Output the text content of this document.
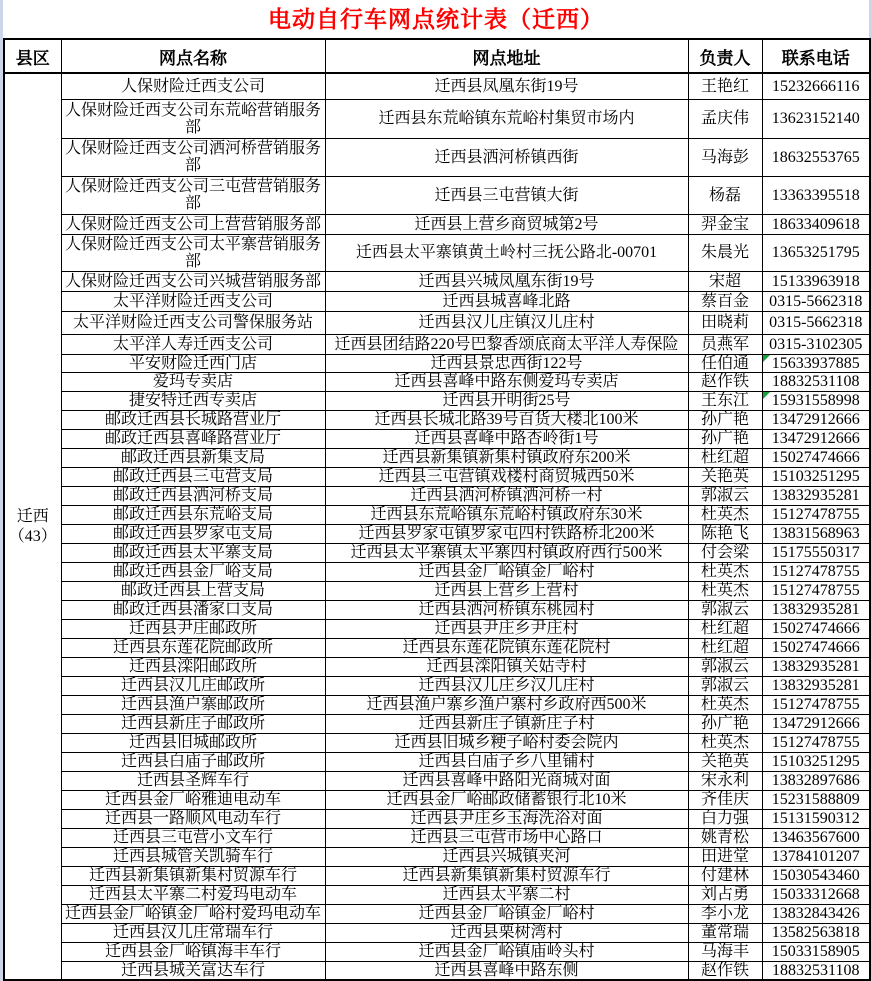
电动自行车网点统计表（迁西）
县区	网点名称	网点地址	负责人	联系电话

迁西
（43）	人保财险迁西支公司	迁西县凤凰东街19号	王艳红	15232666116
	人保财险迁西支公司东荒峪营销服务部	迁西县东荒峪镇东荒峪村集贸市场内	孟庆伟	13623152140
	人保财险迁西支公司洒河桥营销服务部	迁西县洒河桥镇西街	马海彭	18632553765
	人保财险迁西支公司三屯营营销服务部	迁西县三屯营镇大街	杨磊	13363395518
	人保财险迁西支公司上营营销服务部	迁西县上营乡商贸城第2号	羿金宝	18633409618
	人保财险迁西支公司太平寨营销服务部	迁西县太平寨镇黄土岭村三抚公路北-00701	朱晨光	13653251795
	人保财险迁西支公司兴城营销服务部	迁西县兴城凤凰东街19号	宋超	15133963918
	太平洋财险迁西支公司	迁西县城喜峰北路	蔡百金	0315-5662318
	太平洋财险迁西支公司警保服务站	迁西县汉儿庄镇汉儿庄村	田晓莉	0315-5662318
	太平洋人寿迁西支公司	迁西县团结路220号巴黎香颂底商太平洋人寿保险	员燕军	0315-3102305
	平安财险迁西门店	迁西县景忠西街122号	任伯通	15633937885
	爱玛专卖店	迁西县喜峰中路东侧爱玛专卖店	赵作铁	18832531108
	捷安特迁西专卖店	迁西县开明街25号	王东江	15931558998
	邮政迁西县长城路营业厅	迁西县长城北路39号百货大楼北100米	孙广艳	13472912666
	邮政迁西县喜峰路营业厅	迁西县喜峰中路杏岭街1号	孙广艳	13472912666
	邮政迁西县新集支局	迁西县新集镇新集村镇政府东200米	杜红超	15027474666
	邮政迁西县三屯营支局	迁西县三屯营镇戏楼村商贸城西50米	关艳英	15103251295
	邮政迁西县洒河桥支局	迁西县洒河桥镇洒河桥一村	郭淑云	13832935281
	邮政迁西县东荒峪支局	迁西县东荒峪镇东荒峪村镇政府东30米	杜英杰	15127478755
	邮政迁西县罗家屯支局	迁西县罗家屯镇罗家屯四村铁路桥北200米	陈艳飞	13831568963
	邮政迁西县太平寨支局	迁西县太平寨镇太平寨四村镇政府西行500米	付会梁	15175550317
	邮政迁西县金厂峪支局	迁西县金厂峪镇金厂峪村	杜英杰	15127478755
	邮政迁西县上营支局	迁西县上营乡上营村	杜英杰	15127478755
	邮政迁西县潘家口支局	迁西县洒河桥镇东桃园村	郭淑云	13832935281
	迁西县尹庄邮政所	迁西县尹庄乡尹庄村	杜红超	15027474666
	迁西县东莲花院邮政所	迁西县东莲花院镇东莲花院村	杜红超	15027474666
	迁西县滦阳邮政所	迁西县滦阳镇关姑寺村	郭淑云	13832935281
	迁西县汉儿庄邮政所	迁西县汉儿庄乡汉儿庄村	郭淑云	13832935281
	迁西县渔户寨邮政所	迁西县渔户寨乡渔户寨村乡政府西500米	杜英杰	15127478755
	迁西县新庄子邮政所	迁西县新庄子镇新庄子村	孙广艳	13472912666
	迁西县旧城邮政所	迁西县旧城乡粳子峪村委会院内	杜英杰	15127478755
	迁西县白庙子邮政所	迁西县白庙子乡八里铺村	关艳英	15103251295
	迁西县圣辉车行	迁西县喜峰中路阳光商城对面	宋永利	13832897686
	迁西县金厂峪雅迪电动车	迁西县金厂峪邮政储蓄银行北10米	齐佳庆	15231588809
	迁西县一路顺风电动车行	迁西县尹庄乡玉海洗浴对面	白力强	15131590312
	迁西县三屯营小文车行	迁西县三屯营市场中心路口	姚青松	13463567600
	迁西县城管关凯骑车行	迁西县兴城镇夹河	田进堂	13784101207
	迁西县新集镇新集村贸源车行	迁西县新集镇新集村贸源车行	付建林	15030543460
	迁西县太平寨二村爱玛电动车	迁西县太平寨二村	刘占勇	15033312668
	迁西县金厂峪镇金厂峪村爱玛电动车	迁西县金厂峪镇金厂峪村	李小龙	13832843426
	迁西县汉儿庄常瑞车行	迁西县栗树湾村	董常瑞	13582563818
	迁西县金厂峪镇海丰车行	迁西县金厂峪镇庙岭头村	马海丰	15033158905
	迁西县城关富达车行	迁西县喜峰中路东侧	赵作铁	18832531108
